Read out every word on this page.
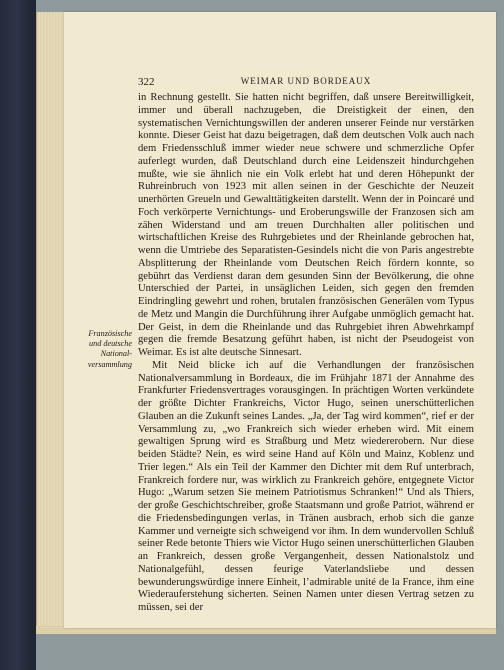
322	WEIMAR UND BORDEAUX

in Rechnung gestellt. Sie hatten nicht begriffen, daß unsere Bereitwilligkeit, immer und überall nachzugeben, die Dreistigkeit der einen, den systematischen Vernichtungswillen der anderen unserer Feinde nur verstärken konnte. Dieser Geist hat dazu beigetragen, daß dem deutschen Volk auch nach dem Friedensschluß immer wieder neue schwere und schmerzliche Opfer auferlegt wurden, daß Deutschland durch eine Leidenszeit hindurchgehen mußte, wie sie ähnlich nie ein Volk erlebt hat und deren Höhepunkt der Ruhreinbruch von 1923 mit allen seinen in der Geschichte der Neuzeit unerhörten Greueln und Gewalttätigkeiten darstellt. Wenn der in Poincaré und Foch verkörperte Vernichtungs- und Eroberungswille der Franzosen sich am zähen Widerstand und am treuen Durchhalten aller politischen und wirtschaftlichen Kreise des Ruhrgebietes und der Rheinlande gebrochen hat, wenn die Umtriebe des Separatisten-Gesindels nicht die von Paris angestrebte Absplitterung der Rheinlande vom Deutschen Reich fördern konnte, so gebührt das Verdienst daran dem gesunden Sinn der Bevölkerung, die ohne Unterschied der Partei, in unsäglichen Leiden, sich gegen den fremden Eindringling gewehrt und rohen, brutalen französischen Generälen vom Typus de Metz und Mangin die Durchführung ihrer Aufgabe unmöglich gemacht hat. Der Geist, in dem die Rheinlande und das Ruhrgebiet ihren Abwehrkampf gegen die fremde Besatzung geführt haben, ist nicht der Pseudogeist von Weimar. Es ist alte deutsche Sinnesart.

Mit Neid blicke ich auf die Verhandlungen der französischen Nationalversammlung in Bordeaux, die im Frühjahr 1871 der Annahme des Frankfurter Friedensvertrages vorausgingen. In prächtigen Worten verkündete der größte Dichter Frankreichs, Victor Hugo, seinen unerschütterlichen Glauben an die Zukunft seines Landes. „Ja, der Tag wird kommen“, rief er der Versammlung zu, „wo Frankreich sich wieder erheben wird. Mit einem gewaltigen Sprung wird es Straßburg und Metz wiedererobern. Nur diese beiden Städte? Nein, es wird seine Hand auf Köln und Mainz, Koblenz und Trier legen.“ Als ein Teil der Kammer den Dichter mit dem Ruf unterbrach, Frankreich fordere nur, was wirklich zu Frankreich gehöre, entgegnete Victor Hugo: „Warum setzen Sie meinem Patriotismus Schranken!“ Und als Thiers, der große Geschichtschreiber, große Staatsmann und große Patriot, während er die Friedensbedingungen verlas, in Tränen ausbrach, erhob sich die ganze Kammer und verneigte sich schweigend vor ihm. In dem wundervollen Schluß seiner Rede betonte Thiers wie Victor Hugo seinen unerschütterlichen Glauben an Frankreich, dessen große Vergangenheit, dessen Nationalstolz und Nationalgefühl, dessen feurige Vaterlandsliebe und dessen bewunderungswürdige innere Einheit, l’admirable unité de la France, ihm eine Wiederauferstehung sicherten. Seinen Namen unter diesen Vertrag setzen zu müssen, sei der

Französische
und deutsche
National-
versammlung
